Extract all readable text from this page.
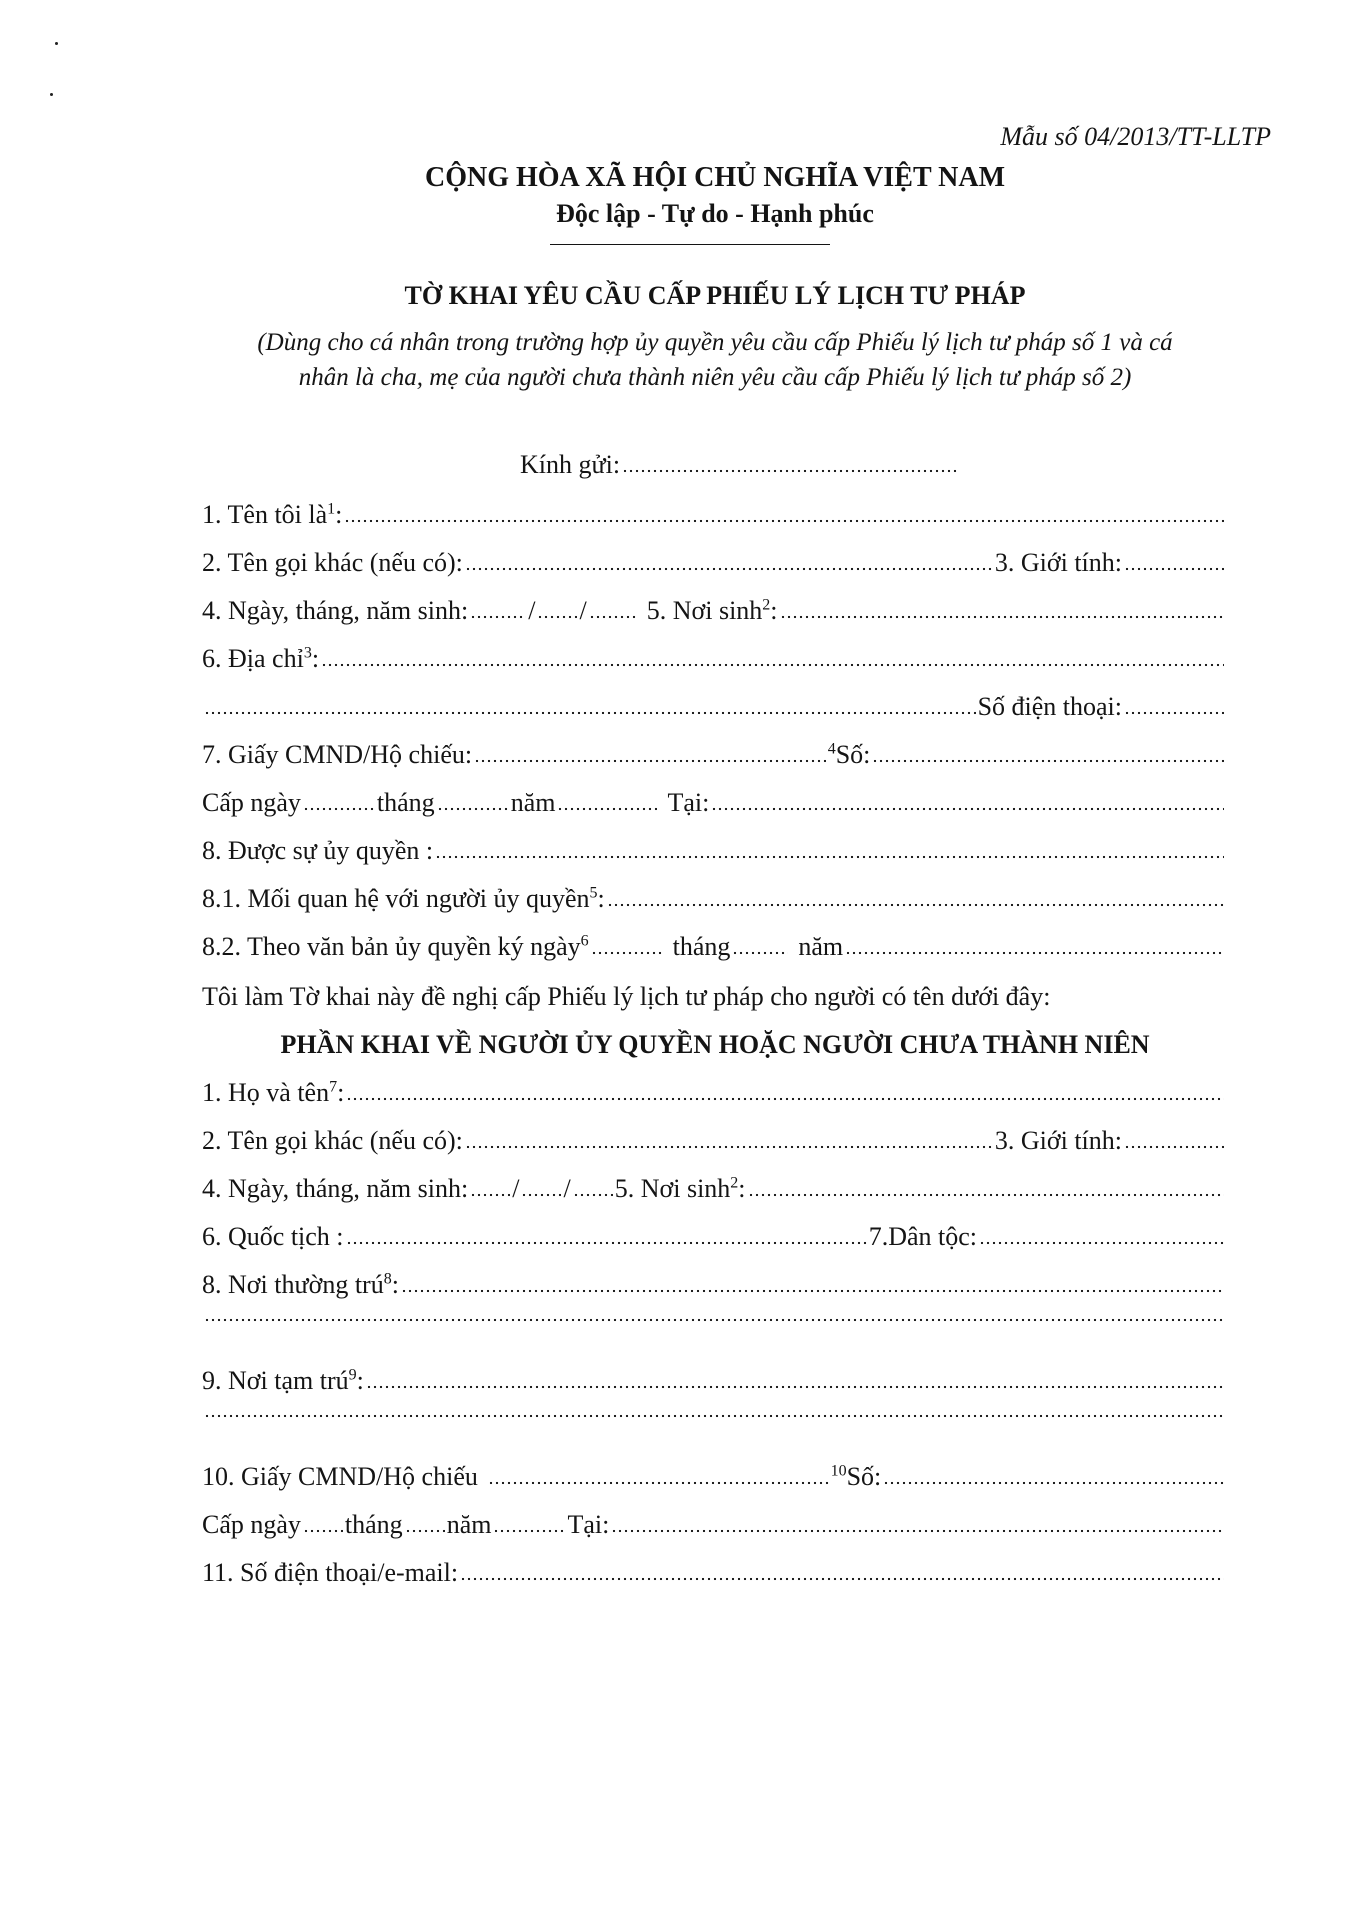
Mẫu số 04/2013/TT-LLTP
CỘNG HÒA XÃ HỘI CHỦ NGHĨA VIỆT NAM
Độc lập - Tự do - Hạnh phúc
TỜ KHAI YÊU CẦU CẤP PHIẾU LÝ LỊCH TƯ PHÁP
(Dùng cho cá nhân trong trường hợp ủy quyền yêu cầu cấp Phiếu lý lịch tư pháp số 1 và cá
nhân là cha, mẹ của người chưa thành niên yêu cầu cấp Phiếu lý lịch tư pháp số 2)
Kính gửi:
1. Tên tôi $là^1$:
2. Tên gọi khác (nếu có):	3. Giới tính:
4. Ngày, tháng, năm sinh: / /	5. Nơi $\sinh^2$:
6. Địa chỉ$^3$:
Số điện thoại:
7. Giấy CMND/Hộ chiếu:	$^4$Số:
Cấp ngày	tháng	năm	Tại:
8. Được sự ủy quyền :
8.1. Mối quan hệ với người ủy quyền$^5$:
8.2. Theo văn bản ủy quyền ký ngày$^6$	tháng	năm
Tôi làm Tờ khai này đề nghị cấp Phiếu lý lịch tư pháp cho người có tên dưới đây:
PHẦN KHAI VỀ NGƯỜI ỦY QUYỀN HOẶC NGƯỜI CHƯA THÀNH NIÊN
1. Họ và tên$^7$:
2. Tên gọi khác (nếu có):	3. Giới tính:
4. Ngày, tháng, năm sinh: / / 5. Nơi $\sinh^2$:
6. Quốc tịch :	7.Dân tộc:
8. Nơi thường trú$^8$:
9. Nơi tạm trú$^9$:
10. Giấy CMND/Hộ chiếu	$^{10}$Số:
Cấp ngày tháng năm	Tại:
11. Số điện thoại/e-mail:
